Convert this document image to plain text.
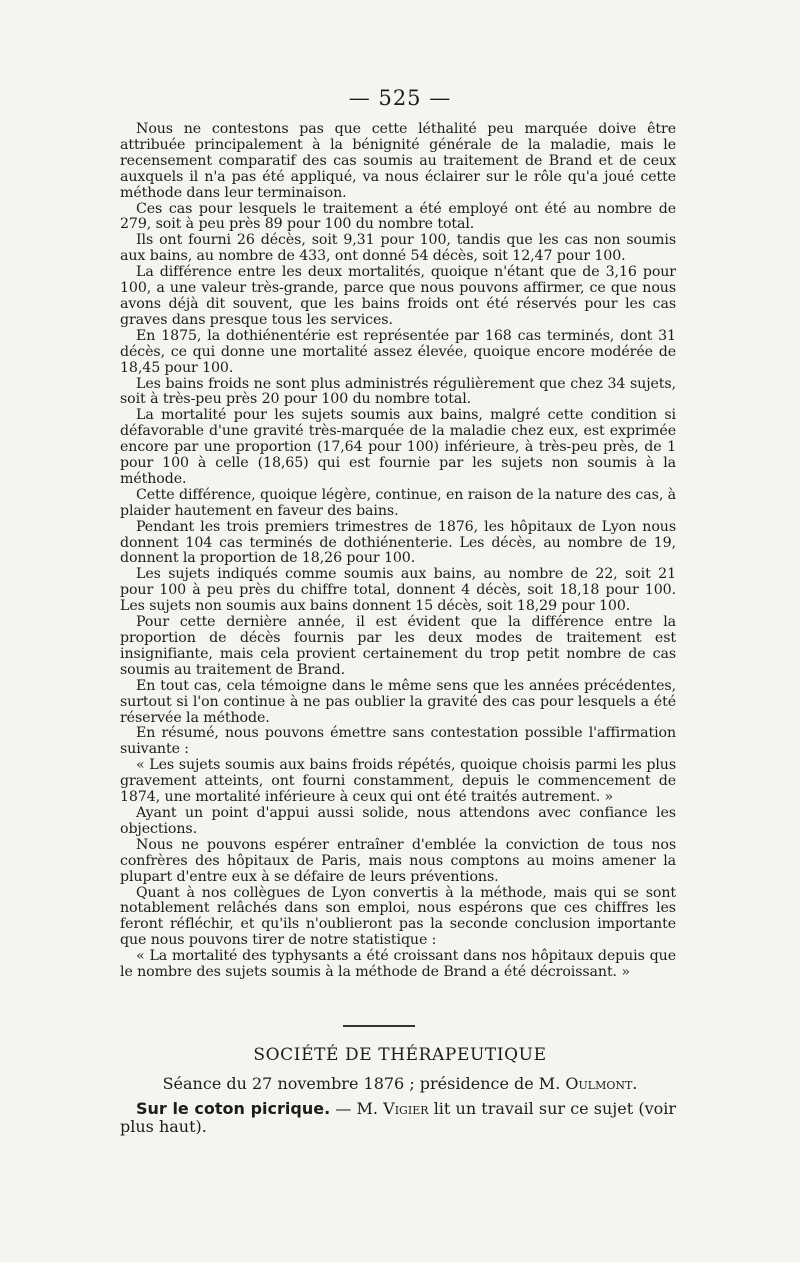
— 525 —

Nous ne contestons pas que cette léthalité peu marquée doive être attribuée principalement à la bénignité générale de la maladie, mais le recensement comparatif des cas soumis au traitement de Brand et de ceux auxquels il n'a pas été appliqué, va nous éclairer sur le rôle qu'a joué cette méthode dans leur terminaison.

Ces cas pour lesquels le traitement a été employé ont été au nombre de 279, soit à peu près 89 pour 100 du nombre total.

Ils ont fourni 26 décès, soit 9,31 pour 100, tandis que les cas non soumis aux bains, au nombre de 433, ont donné 54 décès, soit 12,47 pour 100.

La différence entre les deux mortalités, quoique n'étant que de 3,16 pour 100, a une valeur très-grande, parce que nous pouvons affirmer, ce que nous avons déjà dit souvent, que les bains froids ont été réservés pour les cas graves dans presque tous les services.

En 1875, la dothiénentérie est représentée par 168 cas terminés, dont 31 décès, ce qui donne une mortalité assez élevée, quoique encore modérée de 18,45 pour 100.

Les bains froids ne sont plus administrés régulièrement que chez 34 sujets, soit à très-peu près 20 pour 100 du nombre total.

La mortalité pour les sujets soumis aux bains, malgré cette condition si défavorable d'une gravité très-marquée de la maladie chez eux, est exprimée encore par une proportion (17,64 pour 100) inférieure, à très-peu près, de 1 pour 100 à celle (18,65) qui est fournie par les sujets non soumis à la méthode.

Cette différence, quoique légère, continue, en raison de la nature des cas, à plaider hautement en faveur des bains.

Pendant les trois premiers trimestres de 1876, les hôpitaux de Lyon nous donnent 104 cas terminés de dothiénenterie. Les décès, au nombre de 19, donnent la proportion de 18,26 pour 100.

Les sujets indiqués comme soumis aux bains, au nombre de 22, soit 21 pour 100 à peu près du chiffre total, donnent 4 décès, soit 18,18 pour 100. Les sujets non soumis aux bains donnent 15 décès, soit 18,29 pour 100.

Pour cette dernière année, il est évident que la différence entre la proportion de décès fournis par les deux modes de traitement est insignifiante, mais cela provient certainement du trop petit nombre de cas soumis au traitement de Brand.

En tout cas, cela témoigne dans le même sens que les années précédentes, surtout si l'on continue à ne pas oublier la gravité des cas pour lesquels a été réservée la méthode.

En résumé, nous pouvons émettre sans contestation possible l'affirmation suivante :

« Les sujets soumis aux bains froids répétés, quoique choisis parmi les plus gravement atteints, ont fourni constamment, depuis le commencement de 1874, une mortalité inférieure à ceux qui ont été traités autrement. »

Ayant un point d'appui aussi solide, nous attendons avec confiance les objections.

Nous ne pouvons espérer entraîner d'emblée la conviction de tous nos confrères des hôpitaux de Paris, mais nous comptons au moins amener la plupart d'entre eux à se défaire de leurs préventions.

Quant à nos collègues de Lyon convertis à la méthode, mais qui se sont notablement relâchés dans son emploi, nous espérons que ces chiffres les feront réfléchir, et qu'ils n'oublieront pas la seconde conclusion importante que nous pouvons tirer de notre statistique :

« La mortalité des typhysants a été croissant dans nos hôpitaux depuis que le nombre des sujets soumis à la méthode de Brand a été décroissant. »

SOCIÉTÉ DE THÉRAPEUTIQUE
Séance du 27 novembre 1876 ; présidence de M. Oulmont.

Sur le coton picrique. — M. Vigier lit un travail sur ce sujet (voir plus haut).
